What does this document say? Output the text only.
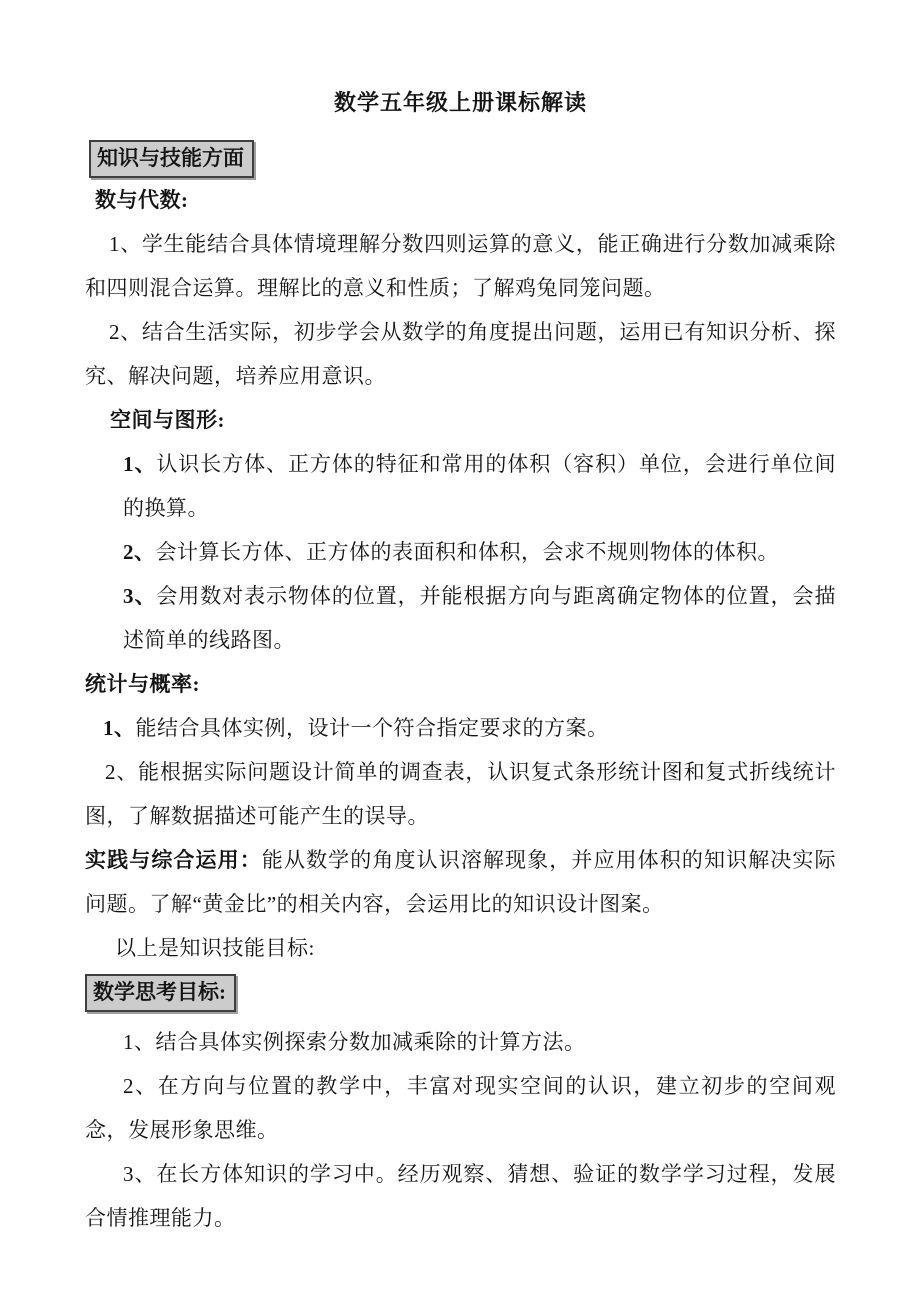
数学五年级上册课标解读
知识与技能方面
数与代数:

1、学生能结合具体情境理解分数四则运算的意义，能正确进行分数加减乘除和四则混合运算。理解比的意义和性质；了解鸡兔同笼问题。

2、结合生活实际，初步学会从数学的角度提出问题，运用已有知识分析、探究、解决问题，培养应用意识。

空间与图形:

1、认识长方体、正方体的特征和常用的体积（容积）单位，会进行单位间的换算。

2、会计算长方体、正方体的表面积和体积，会求不规则物体的体积。

3、会用数对表示物体的位置，并能根据方向与距离确定物体的位置，会描述简单的线路图。

统计与概率:

1、能结合具体实例，设计一个符合指定要求的方案。

2、能根据实际问题设计简单的调查表，认识复式条形统计图和复式折线统计图，了解数据描述可能产生的误导。

实践与综合运用：能从数学的角度认识溶解现象，并应用体积的知识解决实际问题。了解“黄金比”的相关内容，会运用比的知识设计图案。

以上是知识技能目标:

数学思考目标:

1、结合具体实例探索分数加减乘除的计算方法。

2、在方向与位置的教学中，丰富对现实空间的认识，建立初步的空间观念，发展形象思维。

3、在长方体知识的学习中。经历观察、猜想、验证的数学学习过程，发展合情推理能力。
